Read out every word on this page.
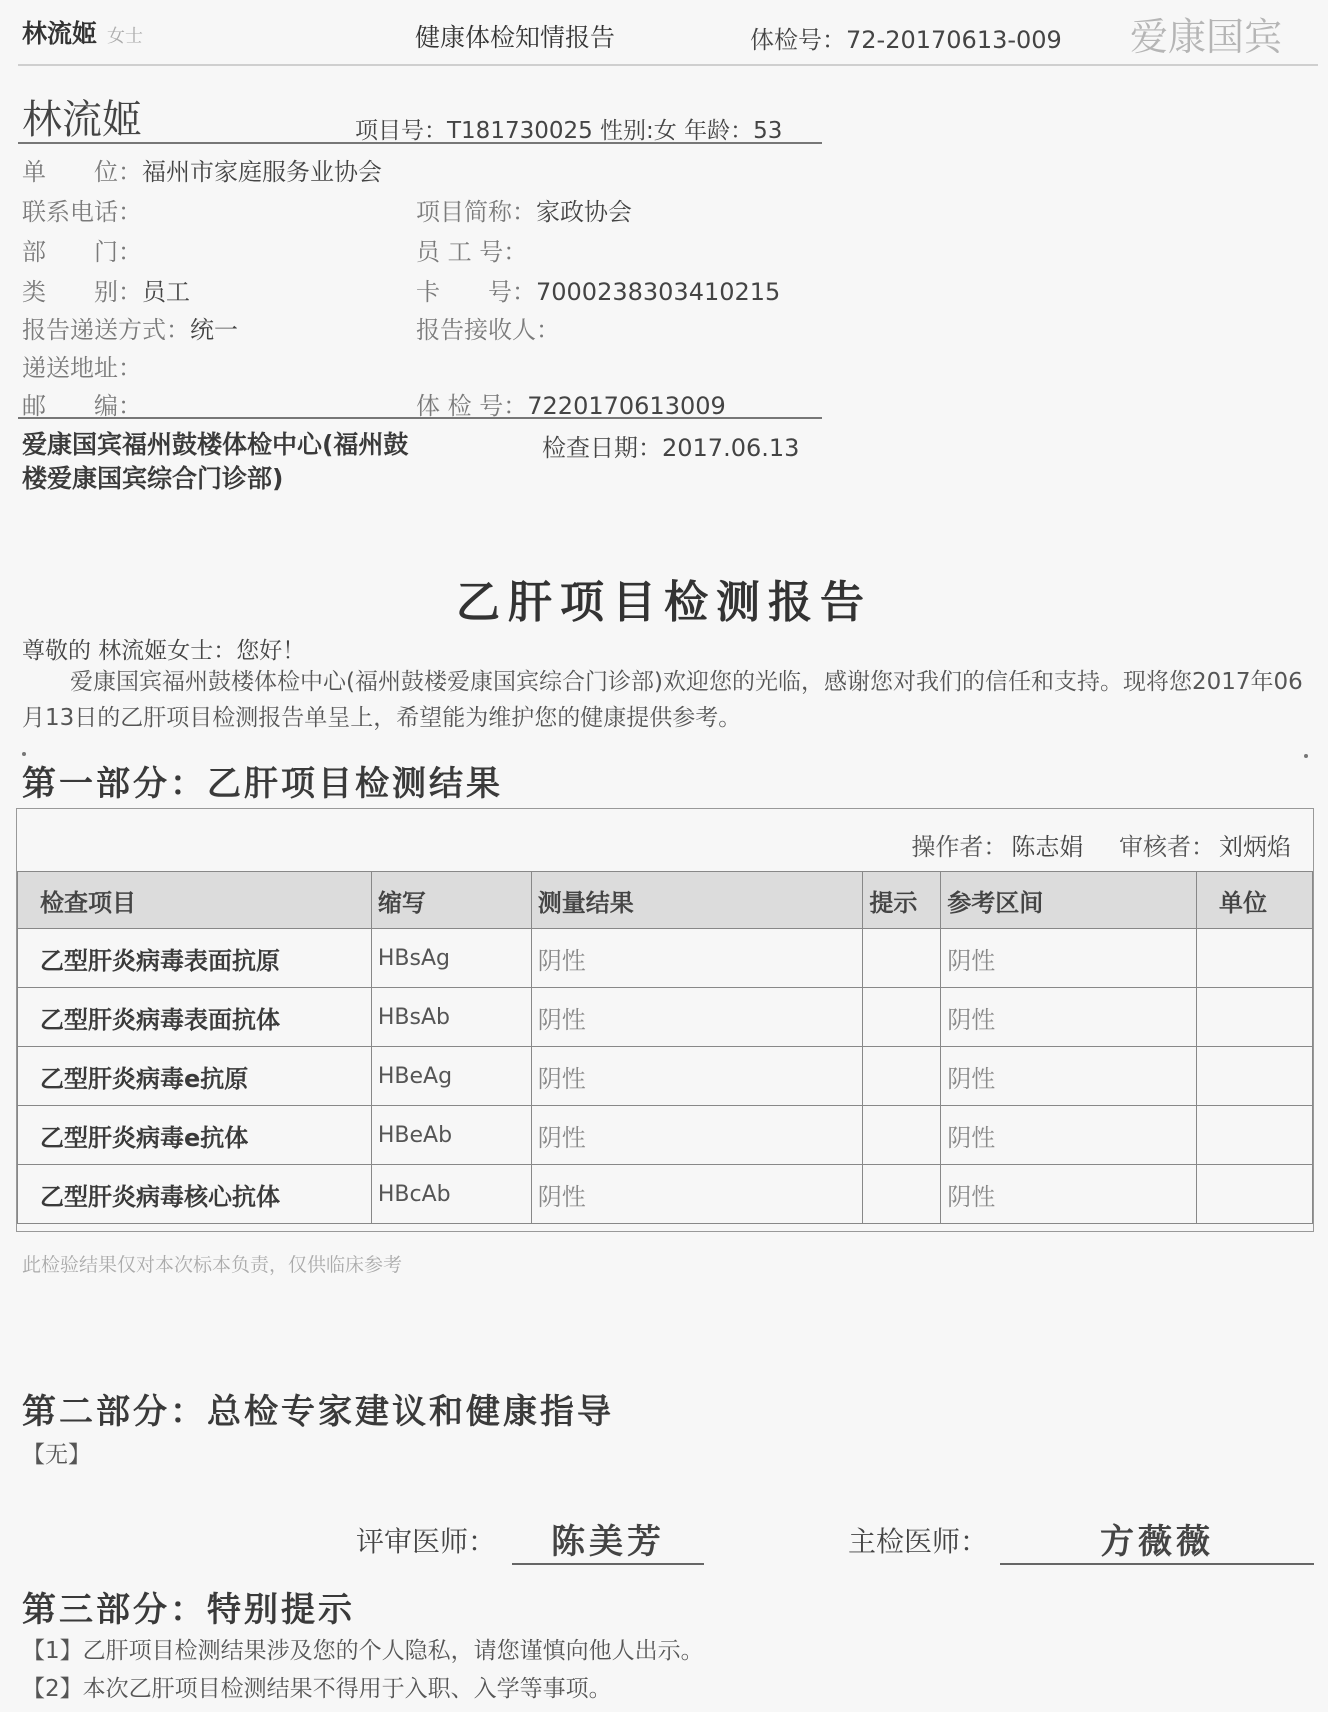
林流姬 女士	健康体检知情报告	体检号：72-20170613-009 爱康国宾
林流姬	项目号：T181730025 性别:女 年龄：53
单　　位：福州市家庭服务业协会
联系电话：	项目简称：家政协会
部　　门：	员 工 号：
类　　别：员工	卡　　号：7000238303410215
报告递送方式：统一	报告接收人：
递送地址：
邮　　编：	体 检 号：7220170613009
爱康国宾福州鼓楼体检中心(福州鼓楼爱康国宾综合门诊部)
检查日期：2017.06.13
乙肝项目检测报告
尊敬的 林流姬女士：您好！
爱康国宾福州鼓楼体检中心(福州鼓楼爱康国宾综合门诊部)欢迎您的光临，感谢您对我们的信任和支持。现将您2017年06月13日的乙肝项目检测报告单呈上，希望能为维护您的健康提供参考。
第一部分：乙肝项目检测结果
操作者： 陈志娟 审核者： 刘炳焰
检查项目	缩写	测量结果	提示	参考区间	单位
乙型肝炎病毒表面抗原	HBsAg	阴性		阴性	
乙型肝炎病毒表面抗体	HBsAb	阴性		阴性	
乙型肝炎病毒e抗原	HBeAg	阴性		阴性	
乙型肝炎病毒e抗体	HBeAb	阴性		阴性	
乙型肝炎病毒核心抗体	HBcAb	阴性		阴性	
此检验结果仅对本次标本负责，仅供临床参考
第二部分：总检专家建议和健康指导
【无】
评审医师：	陈美芳	主检医师：	方薇薇
第三部分：特别提示
【1】乙肝项目检测结果涉及您的个人隐私，请您谨慎向他人出示。
【2】本次乙肝项目检测结果不得用于入职、入学等事项。
